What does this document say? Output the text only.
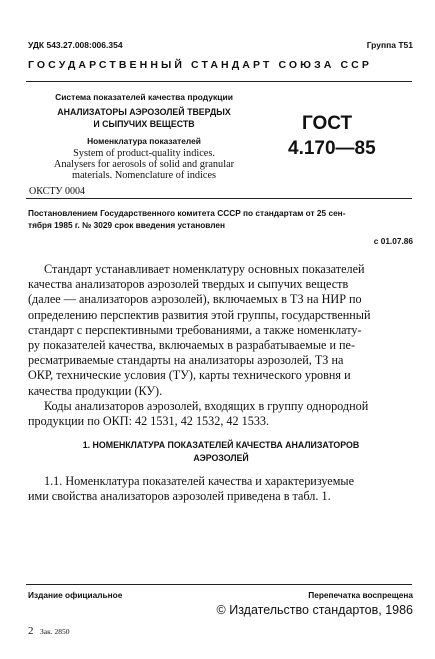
УДК 543.27.008:006.354	Группа Т51
ГОСУДАРСТВЕННЫЙ СТАНДАРТ СОЮЗА ССР
Система показателей качества продукции
АНАЛИЗАТОРЫ АЭРОЗОЛЕЙ ТВЕРДЫХ
И СЫПУЧИХ ВЕЩЕСТВ
Номенклатура показателей
System of product-quality indices.
Analysers for aerosols of solid and granular
materials. Nomenclature of indices
ГОСТ
4.170—85
ОКСТУ 0004
Постановлением Государственного комитета СССР по стандартам от 25 сен-
тября 1985 г. № 3029 срок введения установлен
с 01.07.86
Стандарт устанавливает номенклатуру основных показателей
качества анализаторов аэрозолей твердых и сыпучих веществ
(далее — анализаторов аэрозолей), включаемых в ТЗ на НИР по
определению перспектив развития этой группы, государственный
стандарт с перспективными требованиями, а также номенклату-
ру показателей качества, включаемых в разрабатываемые и пе-
ресматриваемые стандарты на анализаторы аэрозолей, ТЗ на
ОКР, технические условия (ТУ), карты технического уровня и
качества продукции (КУ).
Коды анализаторов аэрозолей, входящих в группу однородной
продукции по ОКП: 42 1531, 42 1532, 42 1533.
1. НОМЕНКЛАТУРА ПОКАЗАТЕЛЕЙ КАЧЕСТВА АНАЛИЗАТОРОВ
АЭРОЗОЛЕЙ
1.1. Номенклатура показателей качества и характеризуемые
ими свойства анализаторов аэрозолей приведена в табл. 1.
Издание официальное	Перепечатка воспрещена
© Издательство стандартов, 1986
2 Зак. 2850
